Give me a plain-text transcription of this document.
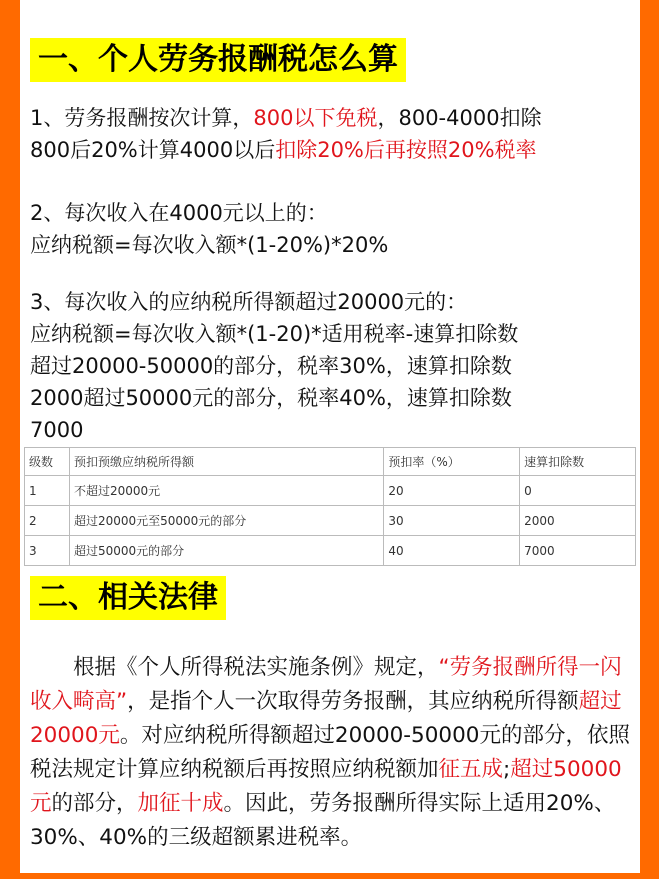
一、个人劳务报酬税怎么算
1、劳务报酬按次计算，800以下免税，800-4000扣除
800后20%计算4000以后扣除20%后再按照20%税率
2、每次收入在4000元以上的：
应纳税额=每次收入额*(1-20%)*20%
3、每次收入的应纳税所得额超过20000元的：
应纳税额=每次收入额*(1-20)*适用税率-速算扣除数
超过20000-50000的部分，税率30%，速算扣除数
2000超过50000元的部分，税率40%，速算扣除数
7000
级数	预扣预缴应纳税所得额	预扣率（%）	速算扣除数
1	不超过20000元	20	0
2	超过20000元至50000元的部分	30	2000
3	超过50000元的部分	40	7000
二、相关法律
根据《个人所得税法实施条例》规定，“劳务报酬所得一闪收入畸高”，是指个人一次取得劳务报酬，其应纳税所得额超过20000元。对应纳税所得额超过20000-50000元的部分，依照税法规定计算应纳税额后再按照应纳税额加征五成;超过50000元的部分，加征十成。因此，劳务报酬所得实际上适用20%、30%、40%的三级超额累进税率。
